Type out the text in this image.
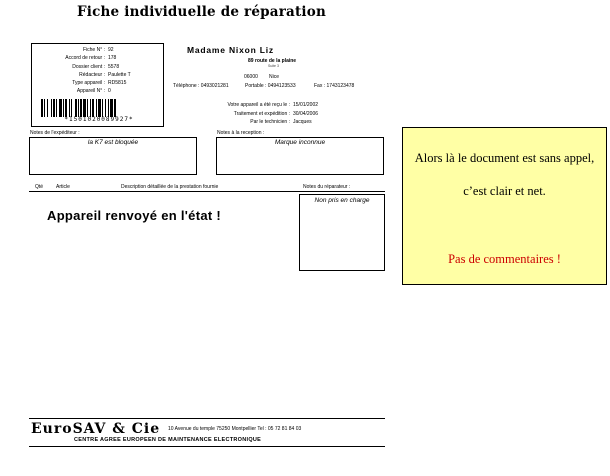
Fiche individuelle de réparation
Fiche N° : 92
Accord de retour : 178
Dossier client : 5578
Rédacteur : Paulette T
Type appareil : RD5815
Appareil N° : 0
*1501020089927*
Madame Nixon Liz
89 route de la plaine
Suite 3
06000 Nice
Téléphone : 0493021281	Portable : 0494123533	Fax : 1743123478
Votre appareil a été reçu le : 15/01/2002
Traitement et expédition : 30/04/2006
Par le technicien : Jacques
Notes de l'expéditeur :
la K7 est bloquée
Notes à la reception :
Marque inconnue
Qté	Article	Description détaillée de la prestation fournie	Notes du réparateur :
Non pris en charge
Appareil renvoyé en l'état !
Alors là le document est sans appel,
c’est clair et net.
Pas de commentaires !
EuroSAV & Cie 10 Avenue du temple 75250 Montpellier Tel : 05 72 81 84 03
CENTRE AGREE EUROPEEN DE MAINTENANCE ELECTRONIQUE
